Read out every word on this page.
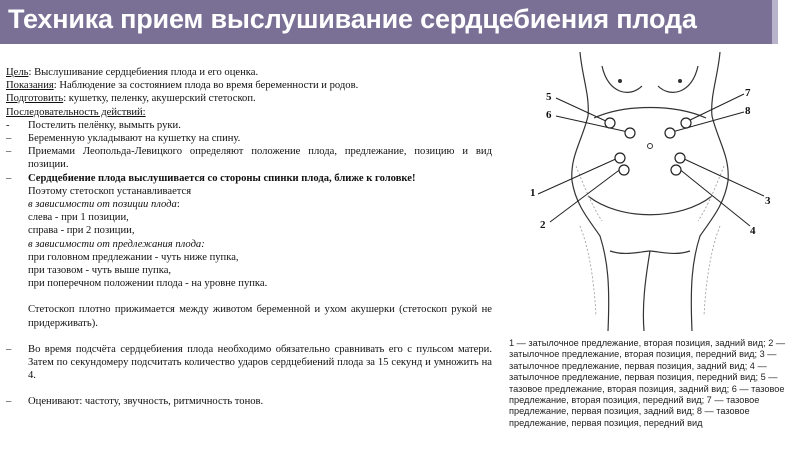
Техника прием выслушивание сердцебиения плода

Цель: Выслушивание сердцебиения плода и его оценка.

Показания: Наблюдение за состоянием плода во время беременности и родов.

Подготовить: кушетку, пеленку, акушерский стетоскоп.

Последовательность действий:

-	Постелить пелёнку, вымыть руки.
–	Беременную укладывают на кушетку на спину.
–	Приемами Леопольда-Левицкого определяют положение плода, предлежание, позицию и вид позиции.
–	Сердцебиение плода выслушивается со стороны спинки плода, ближе к головке!

Поэтому стетоскоп устанавливается

в зависимости от позиции плода:

слева - при 1 позиции,

справа - при 2 позиции,

в зависимости от предлежания плода:

при головном предлежании - чуть ниже пупка,

при тазовом - чуть выше пупка,

при поперечном положении плода - на уровне пупка.

Стетоскоп плотно прижимается между животом беременной и ухом акушерки (стетоскоп рукой не придерживать).

–	Во время подсчёта сердцебиения плода необходимо обязательно сравнивать его с пульсом матери. Затем по секундомеру подсчитать количество ударов сердцебиений плода за 15 секунд и умножить на 4.
–	Оценивают: частоту, звучность, ритмичность тонов.
1
2
3
4
5
6
7
8
1 — затылочное предлежание, вторая позиция, задний вид; 2 — затылочное предлежание, вторая позиция, передний вид; 3 — затылочное предлежание, первая позиция, задний вид; 4 — затылочное предлежание, первая позиция, передний вид; 5 — тазовое предлежание, вторая позиция, задний вид; 6 — тазовое предлежание, вторая позиция, передний вид; 7 — тазовое предлежание, первая позиция, задний вид; 8 — тазовое предлежание, первая позиция, передний вид
